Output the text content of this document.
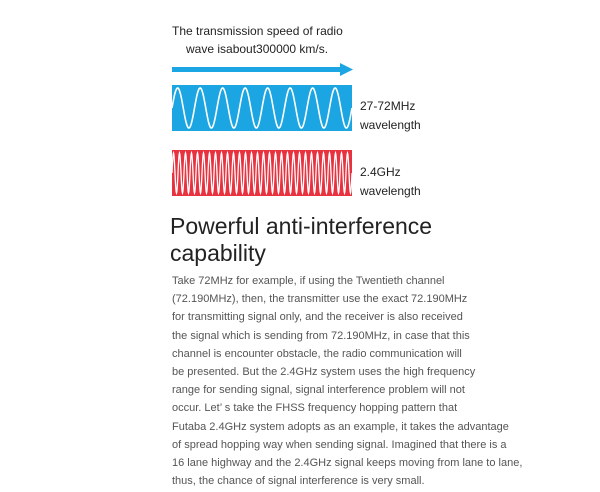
The transmission speed of radio
wave isabout300000 km/s.
27-72MHz
wavelength
2.4GHz
wavelength
Powerful anti-interference
capability
Take 72MHz for example, if using the Twentieth channel
(72.190MHz), then, the transmitter use the exact 72.190MHz
for transmitting signal only, and the receiver is also received
the signal which is sending from 72.190MHz, in case that this
channel is encounter obstacle, the radio communication will
be presented. But the 2.4GHz system uses the high frequency
range for sending signal, signal interference problem will not
occur. Let’ s take the FHSS frequency hopping pattern that
Futaba 2.4GHz system adopts as an example, it takes the advantage
of spread hopping way when sending signal. Imagined that there is a
16 lane highway and the 2.4GHz signal keeps moving from lane to lane,
thus, the chance of signal interference is very small.
